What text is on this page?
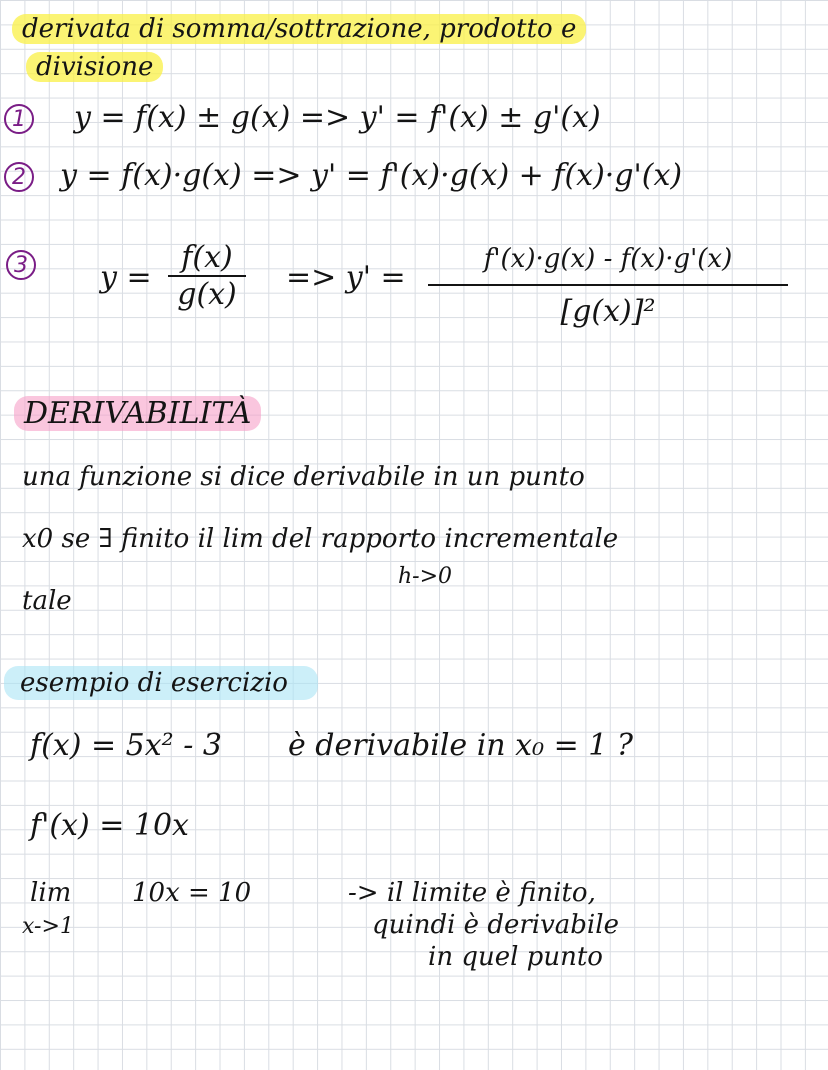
derivata di somma/sottrazione, prodotto e
divisione
1 y = f(x) ± g(x) => y' = f'(x) ± g'(x)
2 y = f(x)·g(x) => y' = f'(x)·g(x) + f(x)·g'(x)
3 y =
f(x)
g(x)	=> y' =
f'(x)·g(x) - f(x)·g'(x)
[g(x)]²
DERIVABILITÀ
una funzione si dice derivabile in un punto
x0 se ∃ finito il lim del rapporto incrementale
h->0
tale
esempio di esercizio
f(x) = 5x² - 3 è derivabile in x₀ = 1 ?
f'(x) = 10x
lim 10x = 10
x->1
-> il limite è finito,
quindi è derivabile
in quel punto
